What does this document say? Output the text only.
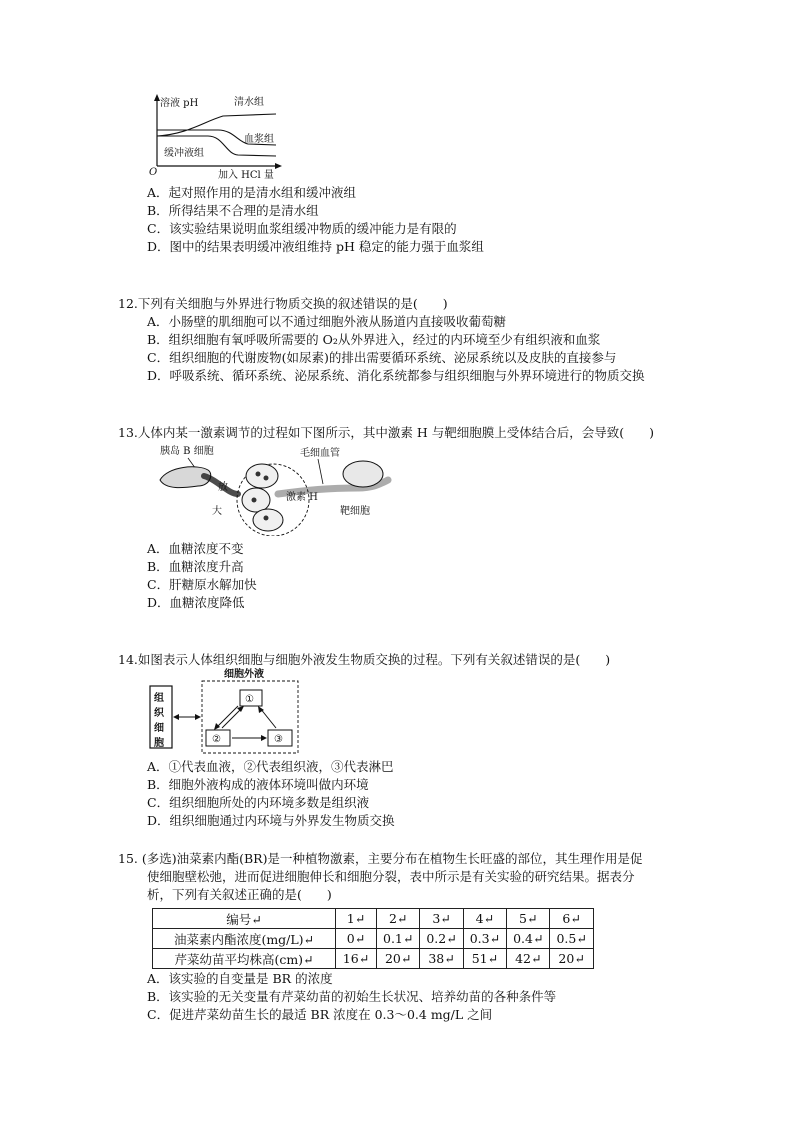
溶液 pH	清水组
血浆组
缓冲液组
O	加入 HCl 量
A．起对照作用的是清水组和缓冲液组
B．所得结果不合理的是清水组
C．该实验结果说明血浆组缓冲物质的缓冲能力是有限的
D．图中的结果表明缓冲液组维持 pH 稳定的能力强于血浆组
12.下列有关细胞与外界进行物质交换的叙述错误的是(　　)
A．小肠壁的肌细胞可以不通过细胞外液从肠道内直接吸收葡萄糖
B．组织细胞有氧呼吸所需要的 O₂从外界进入，经过的内环境至少有组织液和血浆
C．组织细胞的代谢废物(如尿素)的排出需要循环系统、泌尿系统以及皮肤的直接参与
D．呼吸系统、循环系统、泌尿系统、消化系统都参与组织细胞与外界环境进行的物质交换
13.人体内某一激素调节的过程如下图所示，其中激素 H 与靶细胞膜上受体结合后，会导致(　　)
胰岛 B 细胞
放
大
毛细血管
激素 H
靶细胞
A．血糖浓度不变
B．血糖浓度升高
C．肝糖原水解加快
D．血糖浓度降低
14.如图表示人体组织细胞与细胞外液发生物质交换的过程。下列有关叙述错误的是(　　)
细胞外液
组
织
细
胞
①
②	③
A．①代表血液，②代表组织液，③代表淋巴
B．细胞外液构成的液体环境叫做内环境
C．组织细胞所处的内环境多数是组织液
D．组织细胞通过内环境与外界发生物质交换
15. (多选)油菜素内酯(BR)是一种植物激素，主要分布在植物生长旺盛的部位，其生理作用是促
使细胞壁松弛，进而促进细胞伸长和细胞分裂，表中所示是有关实验的研究结果。据表分
析，下列有关叙述正确的是(　　)
编号↵	1↵	2↵	3↵	4↵	5↵	6↵
油菜素内酯浓度(mg/L)↵	0↵	0.1↵	0.2↵	0.3↵	0.4↵	0.5↵
芹菜幼苗平均株高(cm)↵	16↵	20↵	38↵	51↵	42↵	20↵
A．该实验的自变量是 BR 的浓度
B．该实验的无关变量有芹菜幼苗的初始生长状况、培养幼苗的各种条件等
C．促进芹菜幼苗生长的最适 BR 浓度在 0.3～0.4 mg/L 之间
